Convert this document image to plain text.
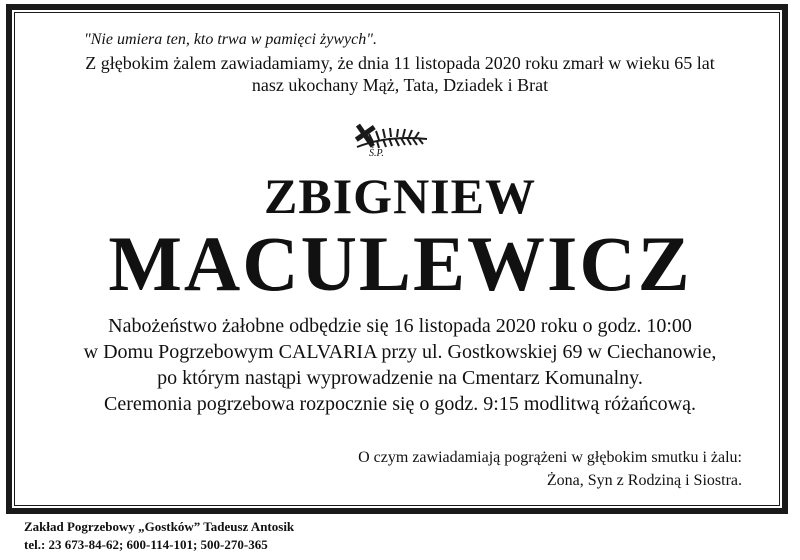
"Nie umiera ten, kto trwa w pamięci żywych".
Z głębokim żalem zawiadamiamy, że dnia 11 listopada 2020 roku zmarł w wieku 65 lat
nasz ukochany Mąż, Tata, Dziadek i Brat
Ś.P.
ZBIGNIEW
MACULEWICZ
Nabożeństwo żałobne odbędzie się 16 listopada 2020 roku o godz. 10:00
w Domu Pogrzebowym CALVARIA przy ul. Gostkowskiej 69 w Ciechanowie,
po którym nastąpi wyprowadzenie na Cmentarz Komunalny.
Ceremonia pogrzebowa rozpocznie się o godz. 9:15 modlitwą różańcową.
O czym zawiadamiają pogrążeni w głębokim smutku i żalu:
Żona, Syn z Rodziną i Siostra.
Zakład Pogrzebowy „Gostków” Tadeusz Antosik
tel.: 23 673-84-62; 600-114-101; 500-270-365
